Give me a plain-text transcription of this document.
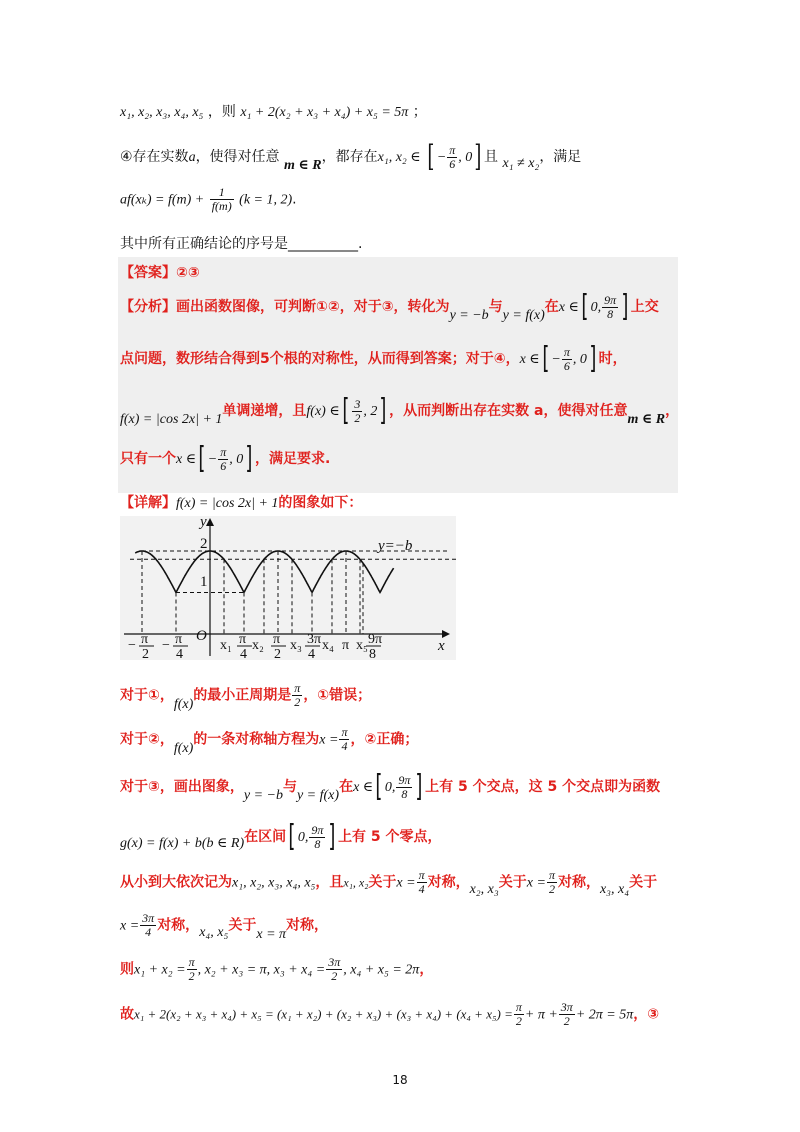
x₁, x₂, x₃, x₄, x₅ ，则 x₁ + 2(x₂ + x₃ + x₄) + x₅ = 5π ；
④存在实数a，使得对任意 m ∈ R，都存在x₁, x₂ ∈ [ − $\frac{\pi}{6}$ , 0] 且 x₁ ≠ x₂，满足
$af(x_k) = f(m) + \frac{1}{f(m)} (k = 1$, 2).
其中所有正确结论的序号是__________.
【答案】②③
【分析】画出函数图像，可判断①②，对于③，转化为y = −b与y = f(x)在x ∈[ 0, $\frac{9\pi}{8}$ ] 上交
点问题，数形结合得到5个根的对称性，从而得到答案；对于④，x ∈[ − $\frac{\pi}{6}$ , 0] 时，
f(x) = |cos 2x| + 1单调递增，且f(x) ∈[ $\frac{3}{2}$ , 2] ，从而判断出存在实数 a，使得对任意m ∈ R，
只有一个x ∈[ − $\frac{\pi}{6}$ , 0] ，满足要求.
【详解】f(x) = |cos 2x| + 1的图象如下：
y
x
O
2
1
y=−b
− π
2
− π
4
x₁ π
4
x₂ π
2
x₃ 3π
4
x₄ π x₅ 9π
8
对于①，f(x)的最小正周期是 $\frac{\pi}{2}$ ，①错误；
对于②，f(x)的一条对称轴方程为$x = \frac{\pi}{4}$ ，②正确；
对于③，画出图象，y = −b与y = f(x)在x ∈[ 0, $\frac{9\pi}{8}$ ] 上有 5 个交点，这 5 个交点即为函数
g(x) = f(x) + b(b ∈ R)在区间[ 0, $\frac{9\pi}{8}$ ] 上有 5 个零点，
从小到大依次记为x₁, x₂, x₃, x₄, x₅，且x₁, x₂关于$x = \frac{\pi}{4}$ 对称，x₂, x₃关于$x = \frac{\pi}{2}$ 对称，x₃, x₄关于
$x = \frac{3\pi}{4}$ 对称，x₄, x₅关于x = π对称，
则$x_1 + x_2 = \frac{\pi}{2}$ , x₂ + x₃ = π, $x_3 + x_4 = \frac{3\pi}{2}$ , x₄ + x₅ = 2π，
故$x_1 + 2(x_2 + x_3 + x_4) + x_5 = (x_1 + x_2) + (x_2 + x_3) + (x_3 + x_4) + (x_4 + x_5) = \frac{\pi}{2} + \pi + \frac{3\pi}{2} + 2\pi = 5\pi$，③
18
